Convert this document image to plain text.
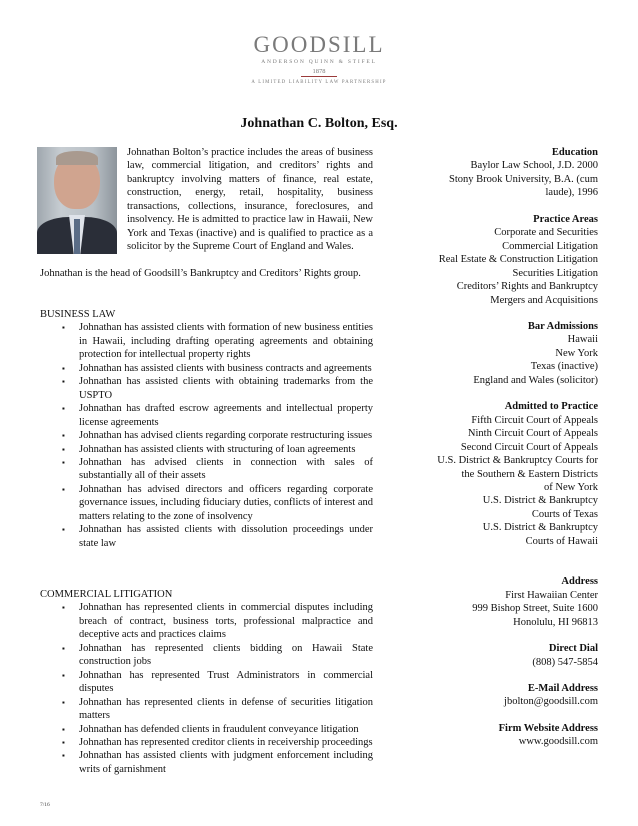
GOODSILL
ANDERSON QUINN & STIFEL
1878
A LIMITED LIABILITY LAW PARTNERSHIP
Johnathan C. Bolton, Esq.
Johnathan Bolton’s practice includes the areas of business law, commercial litigation, and creditors’ rights and bankruptcy involving matters of finance, real estate, construction, energy, retail, hospitality, business transactions, collections, insurance, foreclosures, and insolvency. He is admitted to practice law in Hawaii, New York and Texas (inactive) and is qualified to practice as a solicitor by the Supreme Court of England and Wales.
Johnathan is the head of Goodsill’s Bankruptcy and Creditors’ Rights group.
BUSINESS LAW
▪ Johnathan has assisted clients with formation of new business entities in Hawaii, including drafting operating agreements and obtaining protection for intellectual property rights
▪ Johnathan has assisted clients with business contracts and agreements
▪ Johnathan has assisted clients with obtaining trademarks from the USPTO
▪ Johnathan has drafted escrow agreements and intellectual property license agreements
▪ Johnathan has advised clients regarding corporate restructuring issues
▪ Johnathan has assisted clients with structuring of loan agreements
▪ Johnathan has advised clients in connection with sales of substantially all of their assets
▪ Johnathan has advised directors and officers regarding corporate governance issues, including fiduciary duties, conflicts of interest and matters relating to the zone of insolvency
▪ Johnathan has assisted clients with dissolution proceedings under state law
COMMERCIAL LITIGATION
▪ Johnathan has represented clients in commercial disputes including breach of contract, business torts, professional malpractice and deceptive acts and practices claims
▪ Johnathan has represented clients bidding on Hawaii State construction jobs
▪ Johnathan has represented Trust Administrators in commercial disputes
▪ Johnathan has represented clients in defense of securities litigation matters
▪ Johnathan has defended clients in fraudulent conveyance litigation
▪ Johnathan has represented creditor clients in receivership proceedings
▪ Johnathan has assisted clients with judgment enforcement including writs of garnishment
Education
Baylor Law School, J.D. 2000
Stony Brook University, B.A. (cum
laude), 1996
Practice Areas
Corporate and Securities
Commercial Litigation
Real Estate & Construction Litigation
Securities Litigation
Creditors’ Rights and Bankruptcy
Mergers and Acquisitions
Bar Admissions
Hawaii
New York
Texas (inactive)
England and Wales (solicitor)
Admitted to Practice
Fifth Circuit Court of Appeals
Ninth Circuit Court of Appeals
Second Circuit Court of Appeals
U.S. District & Bankruptcy Courts for
the Southern & Eastern Districts
of New York
U.S. District & Bankruptcy
Courts of Texas
U.S. District & Bankruptcy
Courts of Hawaii
Address
First Hawaiian Center
999 Bishop Street, Suite 1600
Honolulu, HI 96813
Direct Dial
(808) 547-5854
E-Mail Address
jbolton@goodsill.com
Firm Website Address
www.goodsill.com
7/16
